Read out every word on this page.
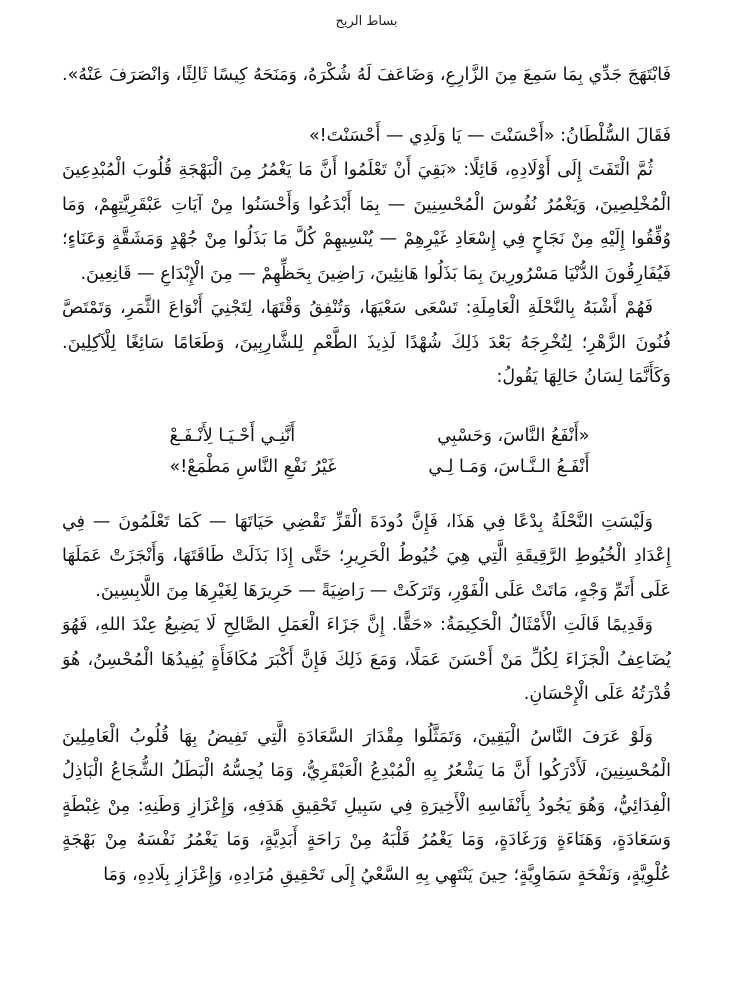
بساط الريح

فَابْتَهَجَ جَدِّي بِمَا سَمِعَ مِنَ الزَّارِعِ، وَضَاعَفَ لَهُ شُكْرَهُ، وَمَنَحَهُ كِيسًا ثَالِثًا، وَانْصَرَفَ عَنْهُ».

فَقَالَ السُّلْطَانُ: «أَحْسَنْتَ — يَا وَلَدِي — أَحْسَنْتَ!»

ثُمَّ الْتَفَتَ إِلَى أَوْلَادِهِ، قَائِلًا: «بَقِيَ أَنْ تَعْلَمُوا أَنَّ مَا يَغْمُرُ مِنَ الْبَهْجَةِ قُلُوبَ الْمُبْدِعِينَ الْمُخْلِصِينَ، وَيَغْمُرُ نُفُوسَ الْمُحْسِنِينَ — بِمَا أَبْدَعُوا وَأَحْسَنُوا مِنْ آيَاتِ عَبْقَرِيَّتِهِمْ، وَمَا وُفِّقُوا إِلَيْهِ مِنْ نَجَاحٍ فِي إِسْعَادِ غَيْرِهِمْ — يُنْسِيهِمْ كُلَّ مَا بَذَلُوا مِنْ جُهْدٍ وَمَشَقَّةٍ وَعَنَاءٍ؛ فَيُفَارِقُونَ الدُّنْيَا مَسْرُورِينَ بِمَا بَذَلُوا هَانِئِينَ، رَاضِينَ بِحَظِّهِمْ — مِنَ الْإِبْدَاعِ — قَانِعِينَ.

فَهُمْ أَشْبَهُ بِالنَّحْلَةِ الْعَامِلَةِ: تَسْعَى سَعْيَهَا، وَتُنْفِقُ وَقْتَهَا، لِتَجْنِيَ أَنْوَاعَ الثَّمَرِ، وَتَمْتَصَّ فُنُونَ الزَّهْرِ؛ لِتُخْرِجَهُ بَعْدَ ذَلِكَ شُهْدًا لَذِيذَ الطَّعْمِ لِلشَّارِبِينَ، وَطَعَامًا سَائِغًا لِلْآكِلِينَ. وَكَأَنَّمَا لِسَانُ حَالِهَا يَقُولُ:

«أَنْفَعُ النَّاسَ، وَحَسْبِي
أَنَّنِـي أَحْـيَـا لِأَنْـفَـعْ
أَنْفَـعُ الـنَّـاسَ، وَمَـا لِـي
غَيْرُ نَفْعِ النَّاسِ مَطْمَعْ!»

وَلَيْسَتِ النَّحْلَةُ بِدْعًا فِي هَذَا، فَإِنَّ دُودَةَ الْقَزِّ تَقْضِي حَيَاتَهَا — كَمَا تَعْلَمُونَ — فِي إِعْدَادِ الْخُيُوطِ الرَّقِيقَةِ الَّتِي هِيَ خُيُوطُ الْحَرِيرِ؛ حَتَّى إِذَا بَذَلَتْ طَاقَتَهَا، وَأَنْجَزَتْ عَمَلَهَا عَلَى أَتَمِّ وَجْهٍ، مَاتَتْ عَلَى الْفَوْرِ، وَتَرَكَتْ — رَاضِيَةً — حَرِيرَهَا لِغَيْرِهَا مِنَ اللَّابِسِينَ.

وَقَدِيمًا قَالَتِ الْأَمْثَالُ الْحَكِيمَةُ: «حَقًّا. إِنَّ جَزَاءَ الْعَمَلِ الصَّالِحِ لَا يَضِيعُ عِنْدَ اللهِ، فَهُوَ يُضَاعِفُ الْجَزَاءَ لِكُلِّ مَنْ أَحْسَنَ عَمَلًا، وَمَعَ ذَلِكَ فَإِنَّ أَكْبَرَ مُكَافَأَةٍ يُفِيدُهَا الْمُحْسِنُ، هُوَ قُدْرَتُهُ عَلَى الْإِحْسَانِ.

وَلَوْ عَرَفَ النَّاسُ الْيَقِينَ، وَتَمَثَّلُوا مِقْدَارَ السَّعَادَةِ الَّتِي تَفِيضُ بِهَا قُلُوبُ الْعَامِلِينَ الْمُحْسِنِينَ، لَأَدْرَكُوا أَنَّ مَا يَشْعُرُ بِهِ الْمُبْدِعُ الْعَبْقَرِيُّ، وَمَا يُحِسُّهُ الْبَطَلُ الشُّجَاعُ الْبَاذِلُ الْفِدَائِيُّ، وَهُوَ يَجُودُ بِأَنْفَاسِهِ الْأَخِيرَةِ فِي سَبِيلِ تَحْقِيقِ هَدَفِهِ، وَإِعْزَازِ وَطَنِهِ: مِنْ غِبْطَةٍ وَسَعَادَةٍ، وَهَنَاءَةٍ وَرَغَادَةٍ، وَمَا يَغْمُرُ قَلْبَهُ مِنْ رَاحَةٍ أَبَدِيَّةٍ، وَمَا يَغْمُرُ نَفْسَهُ مِنْ بَهْجَةٍ عُلْوِيَّةٍ، وَنَفْحَةٍ سَمَاوِيَّةٍ؛ حِينَ يَنْتَهِي بِهِ السَّعْيُ إِلَى تَحْقِيقِ مُرَادِهِ، وَإِعْزَازِ بِلَادِهِ، وَمَا
